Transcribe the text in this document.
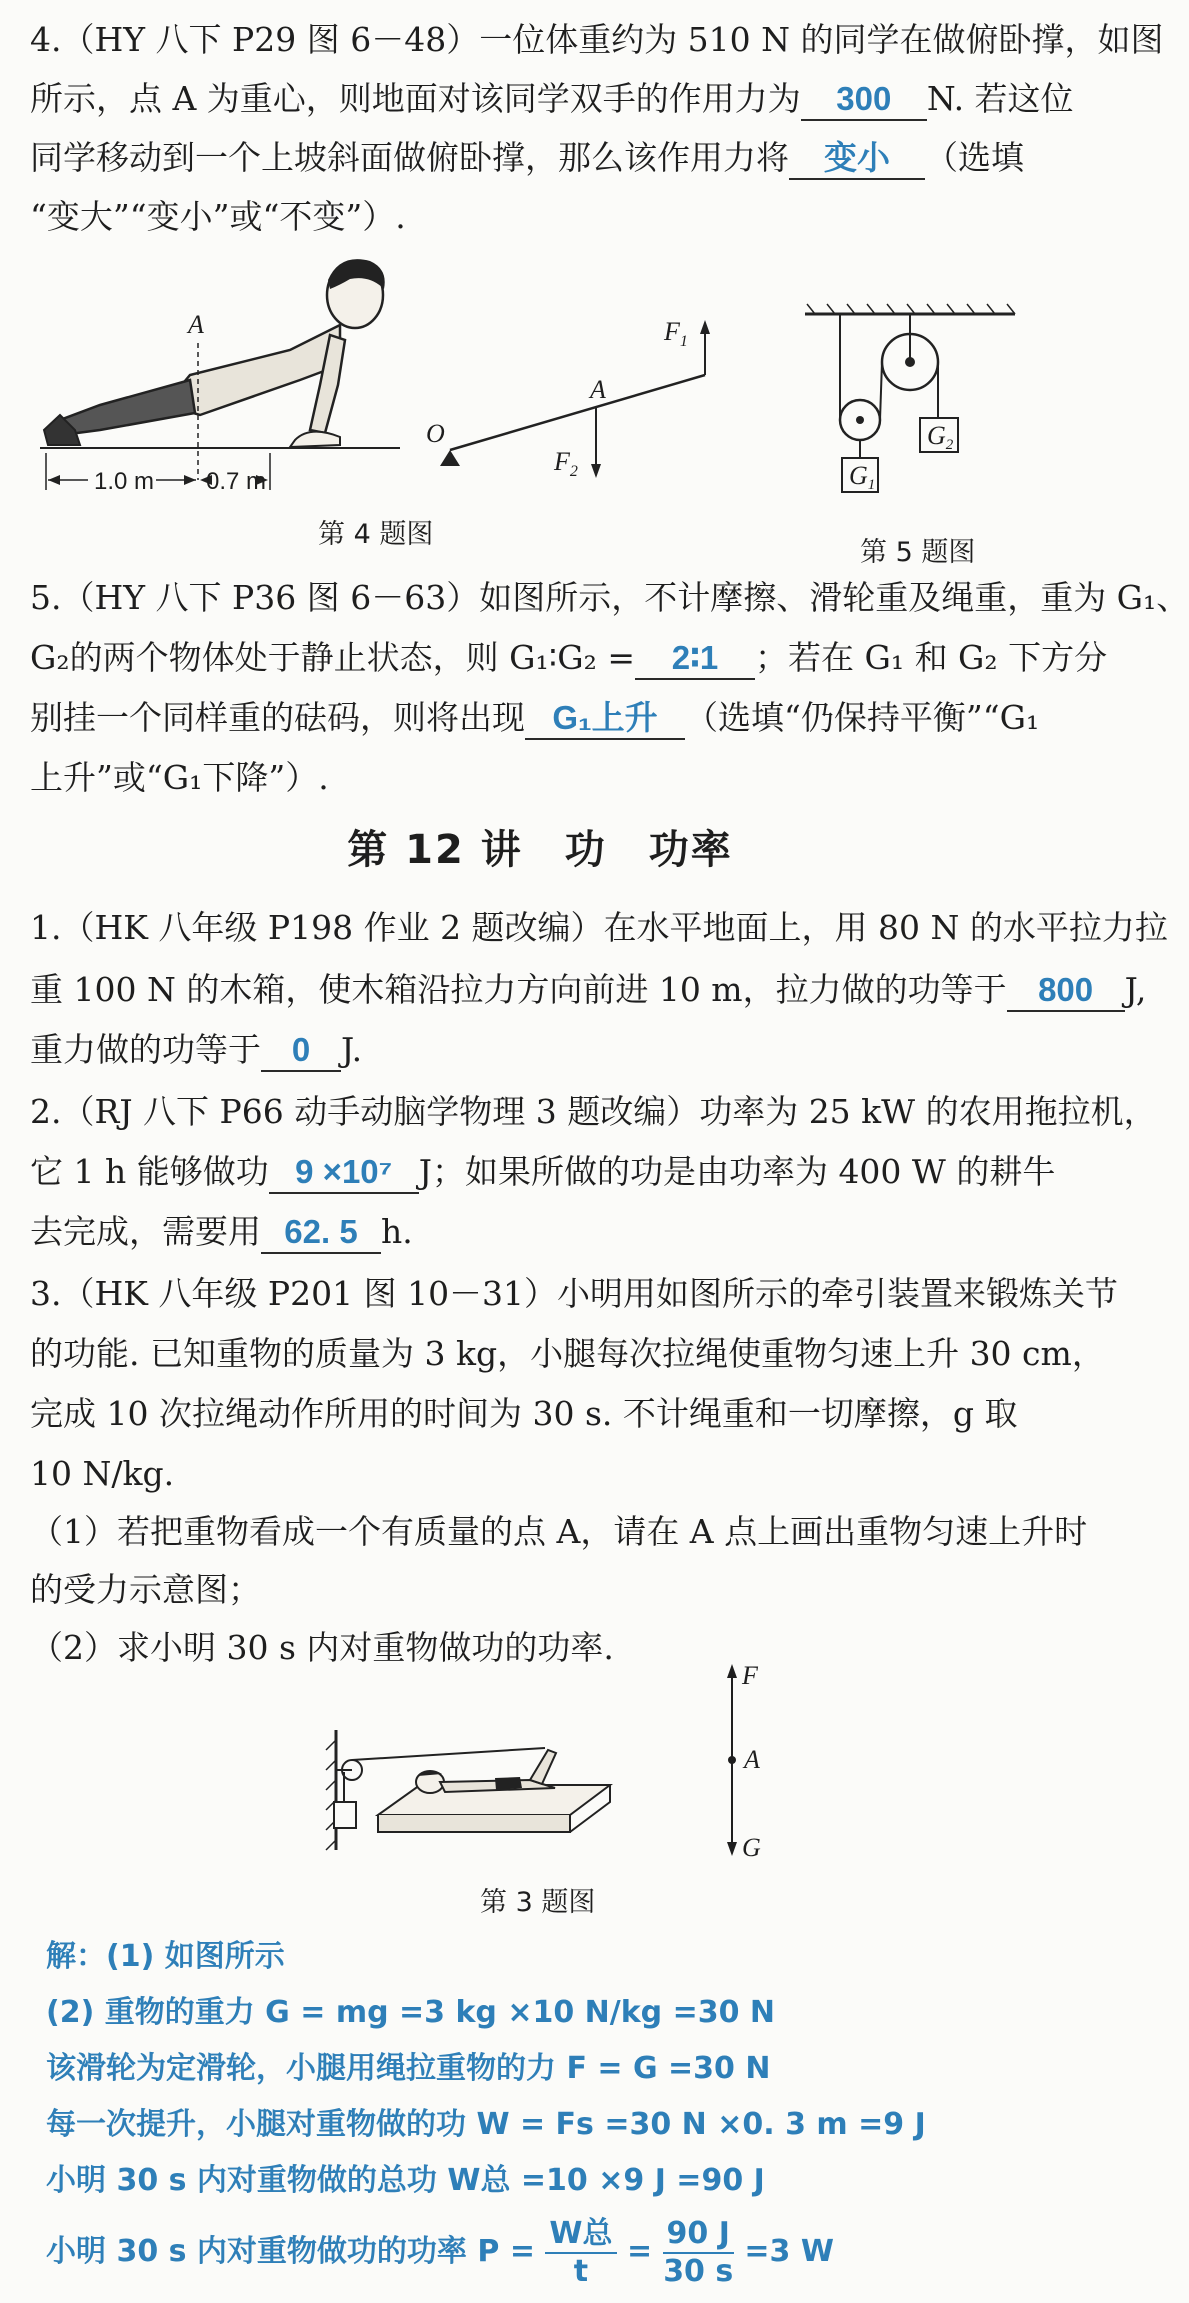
4.（HY 八下 P29 图 6－48）一位体重约为 510 N 的同学在做俯卧撑，如图
所示，点 A 为重心，则地面对该同学双手的作用力为 300 N. 若这位
同学移动到一个上坡斜面做俯卧撑，那么该作用力将 变小 （选填
“变大”“变小”或“不变”）.
A
1.0 m 0.7 m
第 4 题图
O
A
$F_1$
$F_2$	G1
G2
第 5 题图
5.（HY 八下 P36 图 6－63）如图所示，不计摩擦、滑轮重及绳重，重为 G₁、
G₂的两个物体处于静止状态，则 G₁∶G₂ = 2∶1 ；若在 G₁ 和 G₂ 下方分
别挂一个同样重的砝码，则将出现 G₁上升 （选填“仍保持平衡”“G₁
上升”或“G₁下降”）.
第 12 讲　功　功率
1.（HK 八年级 P198 作业 2 题改编）在水平地面上，用 80 N 的水平拉力拉
重 100 N 的木箱，使木箱沿拉力方向前进 10 m，拉力做的功等于 800 J,
重力做的功等于 0 J.
2.（RJ 八下 P66 动手动脑学物理 3 题改编）功率为 25 kW 的农用拖拉机，
它 1 h 能够做功 9 ×10⁷ J；如果所做的功是由功率为 400 W 的耕牛
去完成，需要用 62. 5 h.
3.（HK 八年级 P201 图 10－31）小明用如图所示的牵引装置来锻炼关节
的功能. 已知重物的质量为 3 kg，小腿每次拉绳使重物匀速上升 30 cm，
完成 10 次拉绳动作所用的时间为 30 s. 不计绳重和一切摩擦，g 取
10 N/kg.
（1）若把重物看成一个有质量的点 A，请在 A 点上画出重物匀速上升时
的受力示意图；
（2）求小明 30 s 内对重物做功的功率.
F
A
G
第 3 题图
解：(1) 如图所示
(2) 重物的重力 G = mg =3 kg ×10 N/kg =30 N
该滑轮为定滑轮，小腿用绳拉重物的力 F = G =30 N
每一次提升，小腿对重物做的功 W = Fs =30 N ×0. 3 m =9 J
小明 30 s 内对重物做的总功 W总 =10 ×9 J =90 J
小明 30 s 内对重物做功的功率 $P = \frac{\text{W总}}{t} = \frac{90 J}{30 s} =3$ W
